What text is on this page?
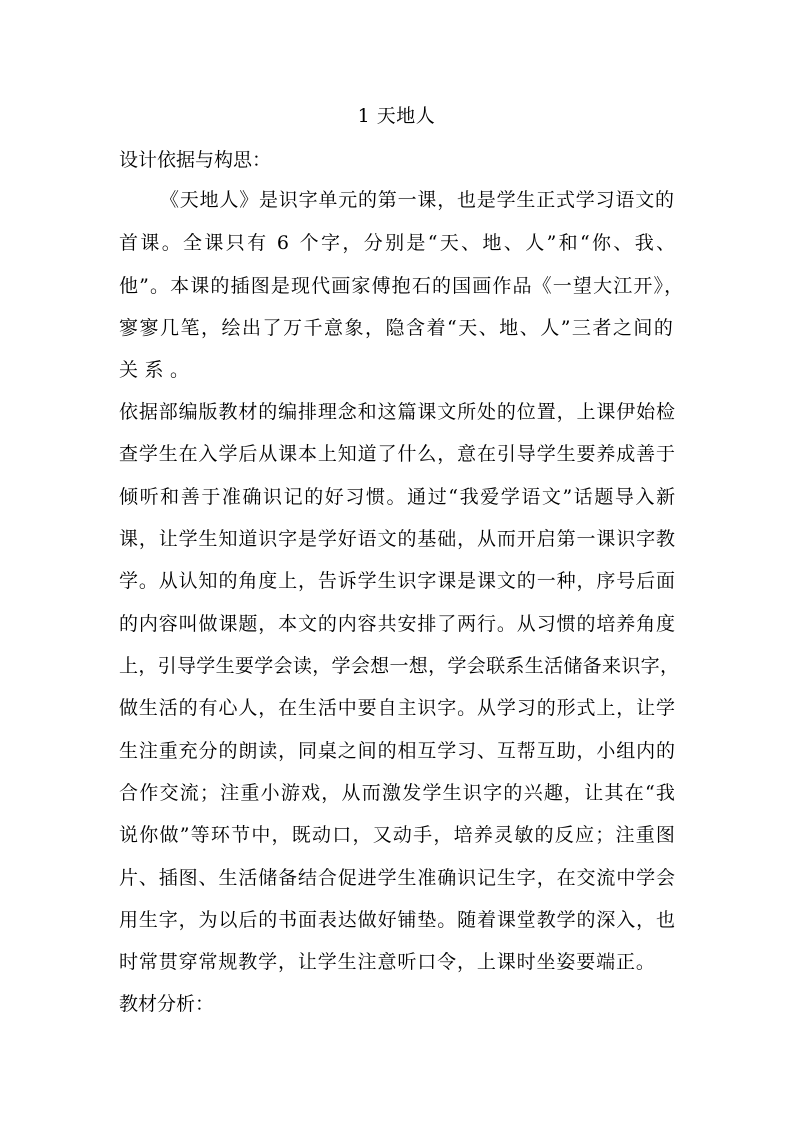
1 天地人
设计依据与构思：
《天地人》是识字单元的第一课，也是学生正式学习语文的
首课。全课只有 6 个字，分别是“天、地、人”和“你、我、
他”。本课的插图是现代画家傅抱石的国画作品《一望大江开》，
寥寥几笔，绘出了万千意象，隐含着“天、地、人”三者之间的
关系。
依据部编版教材的编排理念和这篇课文所处的位置，上课伊始检
查学生在入学后从课本上知道了什么，意在引导学生要养成善于
倾听和善于准确识记的好习惯。通过“我爱学语文”话题导入新
课，让学生知道识字是学好语文的基础，从而开启第一课识字教
学。从认知的角度上，告诉学生识字课是课文的一种，序号后面
的内容叫做课题，本文的内容共安排了两行。从习惯的培养角度
上，引导学生要学会读，学会想一想，学会联系生活储备来识字，
做生活的有心人，在生活中要自主识字。从学习的形式上，让学
生注重充分的朗读，同桌之间的相互学习、互帮互助，小组内的
合作交流；注重小游戏，从而激发学生识字的兴趣，让其在“我
说你做”等环节中，既动口，又动手，培养灵敏的反应；注重图
片、插图、生活储备结合促进学生准确识记生字，在交流中学会
用生字，为以后的书面表达做好铺垫。随着课堂教学的深入，也
时常贯穿常规教学，让学生注意听口令，上课时坐姿要端正。
教材分析：
